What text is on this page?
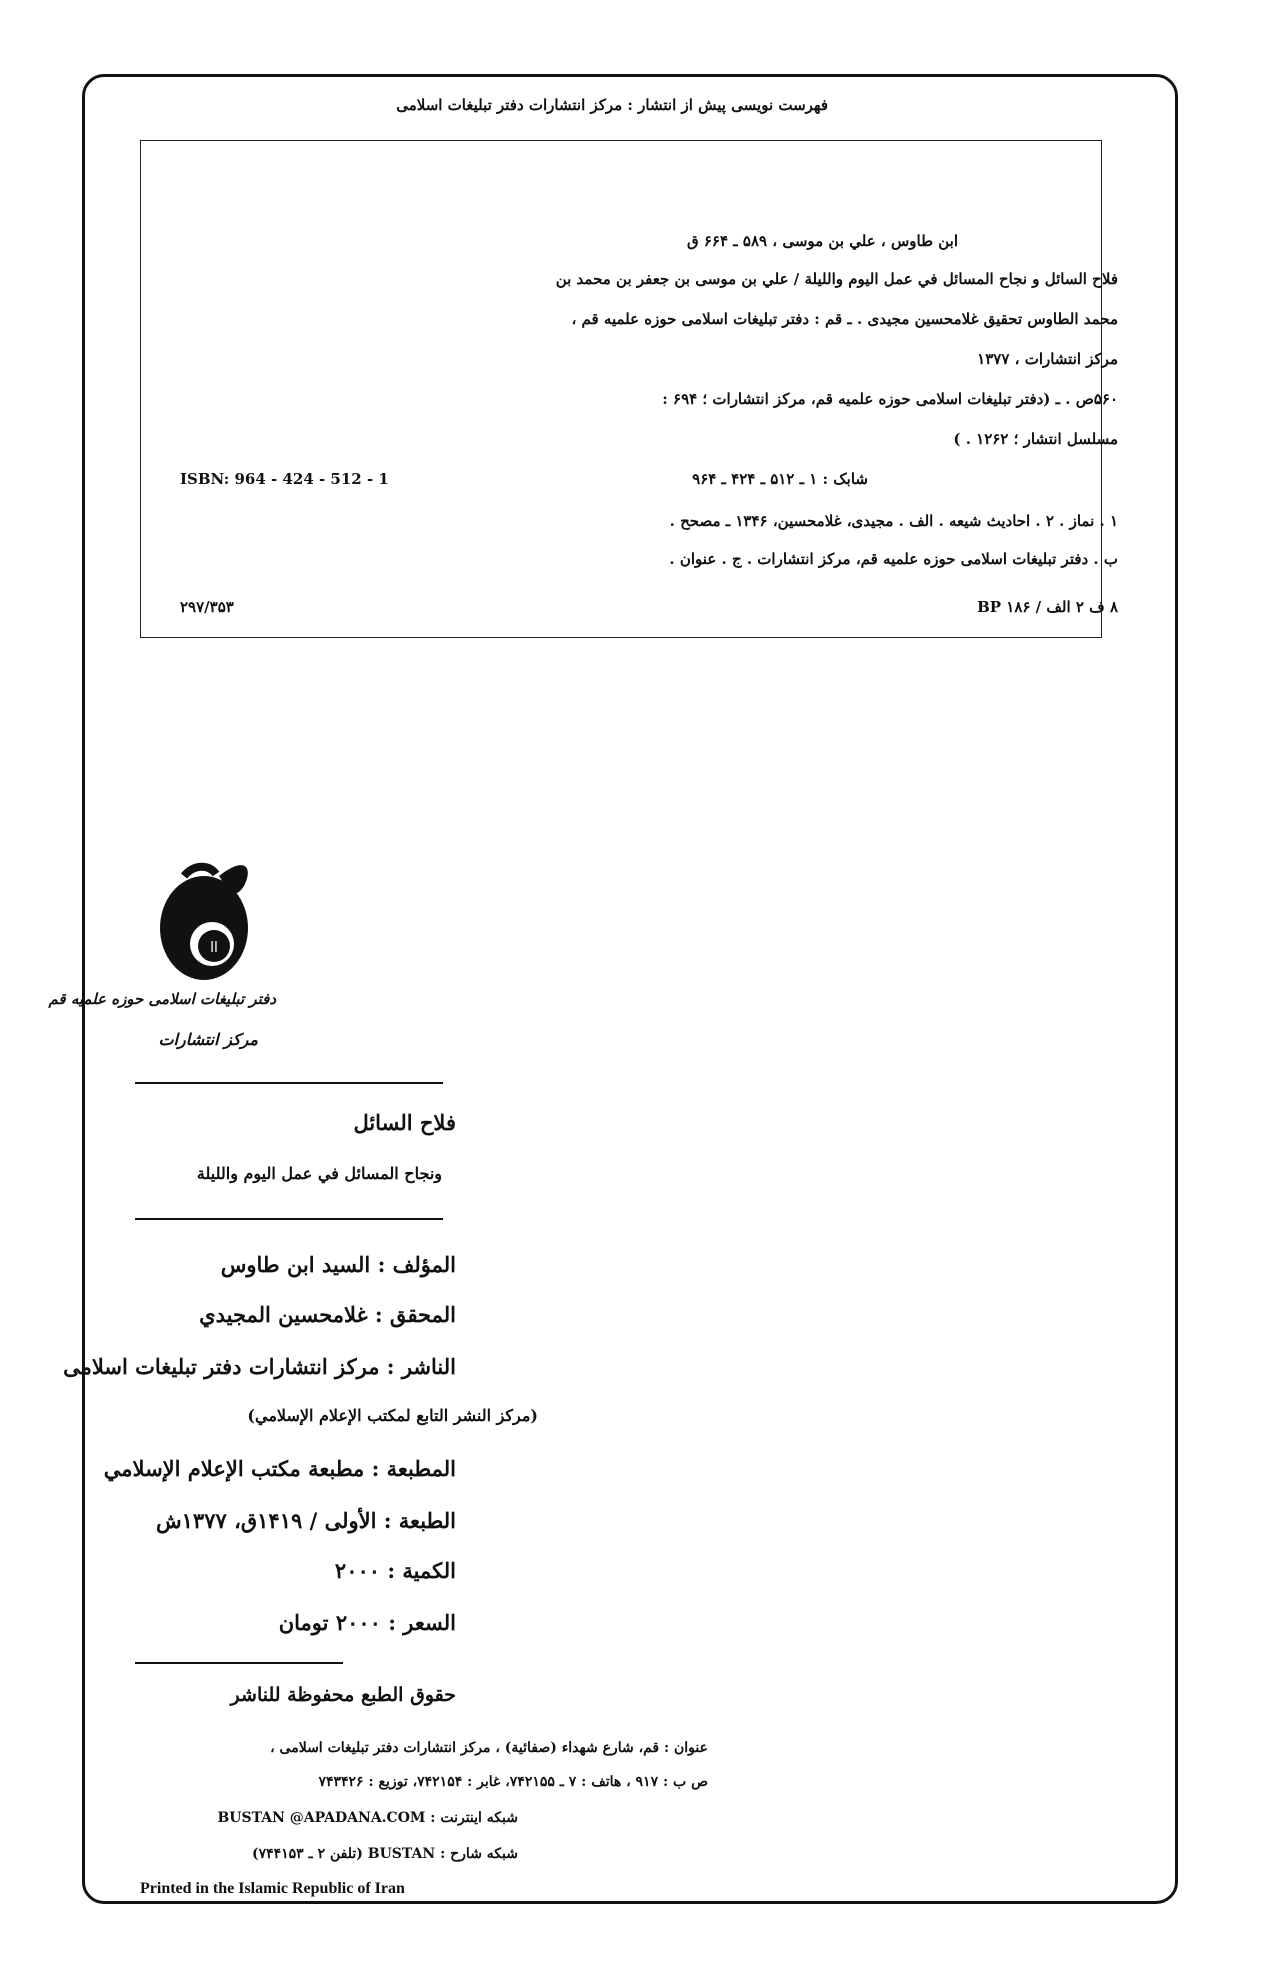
فهرست نویسی پیش از انتشار : مرکز انتشارات دفتر تبلیغات اسلامی
ابن طاوس ، علي بن موسی ، ۵۸۹ ـ ۶۶۴ ق
فلاح السائل و نجاح المسائل في عمل اليوم والليلة / علي بن موسى بن جعفر بن محمد بن
محمد الطاوس تحقيق غلامحسين مجيدى . ـ قم : دفتر تبليغات اسلامی حوزه علميه قم ،
مرکز انتشارات ، ۱۳۷۷
۵۶۰ص . ـ (دفتر تبليغات اسلامى حوزه علميه قم، مرکز انتشارات ؛ ۶۹۴ :
مسلسل انتشار ؛ ۱۲۶۲ . )
شابک : ۱ ـ ۵۱۲ ـ ۴۲۴ ـ ۹۶۴
ISBN: 964 - 424 - 512 - 1
۱ . نماز . ۲ . احادیث شیعه . الف . مجیدی، غلامحسین، ۱۳۴۶ ـ مصحح .
ب . دفتر تبلیغات اسلامی حوزه علمیه قم، مرکز انتشارات . ج . عنوان .
۸ ف ۲ الف / ۱۸۶ BP
۲۹۷/۳۵۳
ll
دفتر تبلیغات اسلامی حوزه علمیه قم
مرکز انتشارات
فلاح السائل
ونجاح المسائل في عمل اليوم والليلة
المؤلف : السيد ابن طاوس
المحقق : غلامحسين المجيدي
الناشر : مرکز انتشارات دفتر تبلیغات اسلامی
(مركز النشر التابع لمكتب الإعلام الإسلامي)
المطبعة : مطبعة مكتب الإعلام الإسلامي
الطبعة : الأولی / ۱۴۱۹ق، ۱۳۷۷ش
الكمية : ۲۰۰۰
السعر : ۲۰۰۰ تومان
حقوق الطبع محفوظة للناشر
عنوان : قم، شارع شهداء (صفائية) ، مرکز انتشارات دفتر تبلیغات اسلامی ،
ص ب : ۹۱۷ ، هاتف : ۷ ـ ۷۴۲۱۵۵، غابر : ۷۴۲۱۵۴، توزیع : ۷۴۳۴۲۶
شبکه اینترنت : BUSTAN @APADANA.COM
شبکه شارح : BUSTAN (تلفن ۲ ـ ۷۴۴۱۵۳)
Printed in the Islamic Republic of Iran
